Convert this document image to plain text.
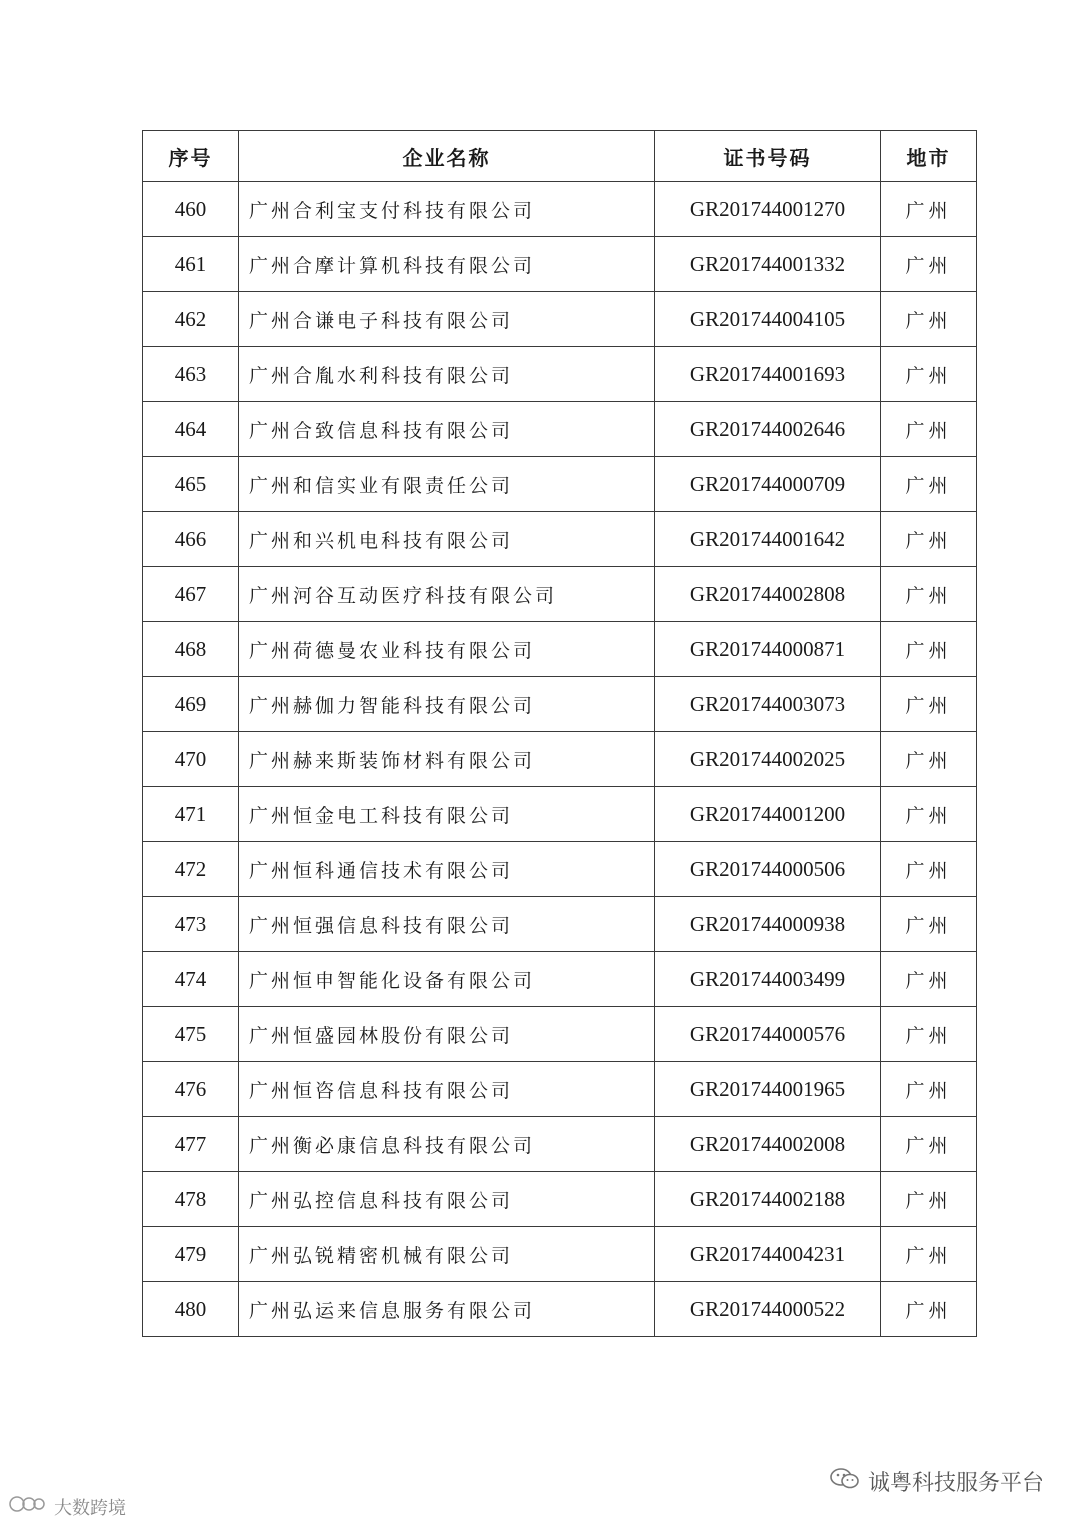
序号	企业名称	证书号码	地市
460	广州合利宝支付科技有限公司	GR201744001270	广州
461	广州合摩计算机科技有限公司	GR201744001332	广州
462	广州合谦电子科技有限公司	GR201744004105	广州
463	广州合胤水利科技有限公司	GR201744001693	广州
464	广州合致信息科技有限公司	GR201744002646	广州
465	广州和信实业有限责任公司	GR201744000709	广州
466	广州和兴机电科技有限公司	GR201744001642	广州
467	广州河谷互动医疗科技有限公司	GR201744002808	广州
468	广州荷德曼农业科技有限公司	GR201744000871	广州
469	广州赫伽力智能科技有限公司	GR201744003073	广州
470	广州赫来斯装饰材料有限公司	GR201744002025	广州
471	广州恒金电工科技有限公司	GR201744001200	广州
472	广州恒科通信技术有限公司	GR201744000506	广州
473	广州恒强信息科技有限公司	GR201744000938	广州
474	广州恒申智能化设备有限公司	GR201744003499	广州
475	广州恒盛园林股份有限公司	GR201744000576	广州
476	广州恒咨信息科技有限公司	GR201744001965	广州
477	广州衡必康信息科技有限公司	GR201744002008	广州
478	广州弘控信息科技有限公司	GR201744002188	广州
479	广州弘锐精密机械有限公司	GR201744004231	广州
480	广州弘运来信息服务有限公司	GR201744000522	广州
诚粤科技服务平台
大数跨境
